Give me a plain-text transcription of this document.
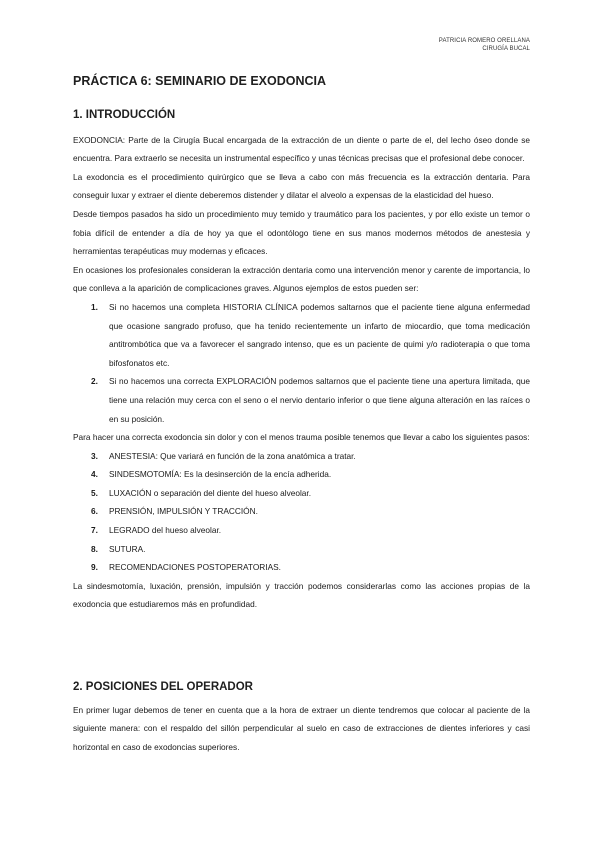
PATRICIA ROMERO ORELLANA
CIRUGÍA BUCAL
PRÁCTICA 6: SEMINARIO DE EXODONCIA
1. INTRODUCCIÓN

EXODONCIA: Parte de la Cirugía Bucal encargada de la extracción de un diente o parte de el, del lecho óseo donde se encuentra. Para extraerlo se necesita un instrumental específico y unas técnicas precisas que el profesional debe conocer.

La exodoncia es el procedimiento quirúrgico que se lleva a cabo con más frecuencia es la extracción dentaria. Para conseguir luxar y extraer el diente deberemos distender y dilatar el alveolo a expensas de la elasticidad del hueso.

Desde tiempos pasados ha sido un procedimiento muy temido y traumático para los pacientes, y por ello existe un temor o fobia difícil de entender a día de hoy ya que el odontólogo tiene en sus manos modernos métodos de anestesia y herramientas terapéuticas muy modernas y eficaces.

En ocasiones los profesionales consideran la extracción dentaria como una intervención menor y carente de importancia, lo que conlleva a la aparición de complicaciones graves. Algunos ejemplos de estos pueden ser:

1. Si no hacemos una completa HISTORIA CLÍNICA podemos saltarnos que el paciente tiene alguna enfermedad que ocasione sangrado profuso, que ha tenido recientemente un infarto de miocardio, que toma medicación antitrombótica que va a favorecer el sangrado intenso, que es un paciente de quimi y/o radioterapia o que toma bifosfonatos etc.
2. Si no hacemos una correcta EXPLORACIÓN podemos saltarnos que el paciente tiene una apertura limitada, que tiene una relación muy cerca con el seno o el nervio dentario inferior o que tiene alguna alteración en las raíces o en su posición.

Para hacer una correcta exodoncia sin dolor y con el menos trauma posible tenemos que llevar a cabo los siguientes pasos:

3. ANESTESIA: Que variará en función de la zona anatómica a tratar.
4. SINDESMOTOMÍA: Es la desinserción de la encía adherida.
5. LUXACIÓN o separación del diente del hueso alveolar.
6. PRENSIÓN, IMPULSIÓN Y TRACCIÓN.
7. LEGRADO del hueso alveolar.
8. SUTURA.
9. RECOMENDACIONES POSTOPERATORIAS.

La sindesmotomía, luxación, prensión, impulsión y tracción podemos considerarlas como las acciones propias de la exodoncia que estudiaremos más en profundidad.

2. POSICIONES DEL OPERADOR

En primer lugar debemos de tener en cuenta que a la hora de extraer un diente tendremos que colocar al paciente de la siguiente manera: con el respaldo del sillón perpendicular al suelo en caso de extracciones de dientes inferiores y casi horizontal en caso de exodoncias superiores.
